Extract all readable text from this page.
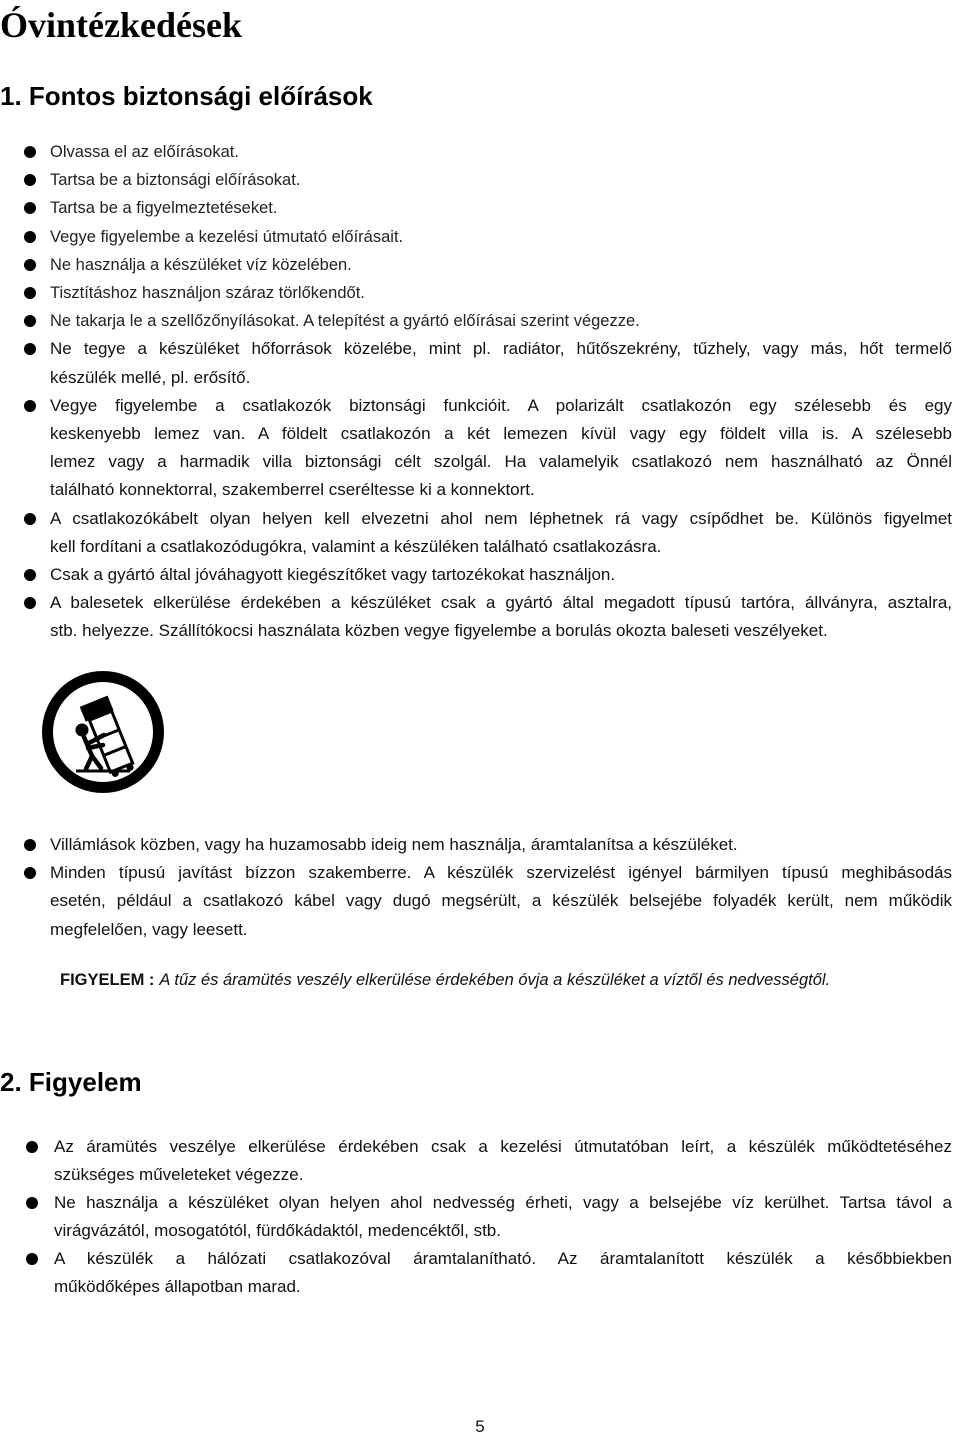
Óvintézkedések
1. Fontos biztonsági előírások
Olvassa el az előírásokat.
Tartsa be a biztonsági előírásokat.
Tartsa be a figyelmeztetéseket.
Vegye figyelembe a kezelési útmutató előírásait.
Ne használja a készüléket víz közelében.
Tisztításhoz használjon száraz törlőkendőt.
Ne takarja le a szellőzőnyílásokat. A telepítést a gyártó előírásai szerint végezze.
Ne tegye a készüléket hőforrások közelébe, mint pl. radiátor, hűtőszekrény, tűzhely, vagy más, hőt termelő
készülék mellé, pl. erősítő.
Vegye figyelembe a csatlakozók biztonsági funkcióit. A polarizált csatlakozón egy szélesebb és egy
keskenyebb lemez van. A földelt csatlakozón a két lemezen kívül vagy egy földelt villa is. A szélesebb
lemez vagy a harmadik villa biztonsági célt szolgál. Ha valamelyik csatlakozó nem használható az Önnél
található konnektorral, szakemberrel cseréltesse ki a konnektort.
A csatlakozókábelt olyan helyen kell elvezetni ahol nem léphetnek rá vagy csípődhet be. Különös figyelmet
kell fordítani a csatlakozódugókra, valamint a készüléken található csatlakozásra.
Csak a gyártó által jóváhagyott kiegészítőket vagy tartozékokat használjon.
A balesetek elkerülése érdekében a készüléket csak a gyártó által megadott típusú tartóra, állványra, asztalra,
stb. helyezze. Szállítókocsi használata közben vegye figyelembe a borulás okozta baleseti veszélyeket.
Villámlások közben, vagy ha huzamosabb ideig nem használja, áramtalanítsa a készüléket.
Minden típusú javítást bízzon szakemberre. A készülék szervizelést igényel bármilyen típusú meghibásodás
esetén, például a csatlakozó kábel vagy dugó megsérült, a készülék belsejébe folyadék került, nem működik
megfelelően, vagy leesett.
FIGYELEM : A tűz és áramütés veszély elkerülése érdekében óvja a készüléket a víztől és nedvességtől.
2. Figyelem
Az áramütés veszélye elkerülése érdekében csak a kezelési útmutatóban leírt, a készülék működtetéséhez
szükséges műveleteket végezze.
Ne használja a készüléket olyan helyen ahol nedvesség érheti, vagy a belsejébe víz kerülhet. Tartsa távol a
virágvázától, mosogatótól, fürdőkádaktól, medencéktől, stb.
A készülék a hálózati csatlakozóval áramtalanítható. Az áramtalanított készülék a későbbiekben
működőképes állapotban marad.
5
